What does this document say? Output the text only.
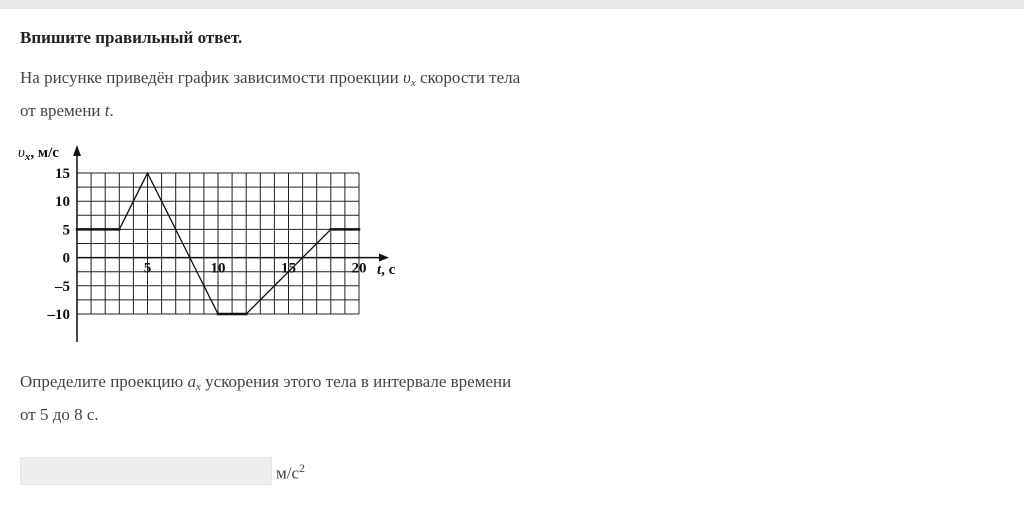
Впишите правильный ответ.
На рисунке приведён график зависимости проекции $\upsilon_x$ скорости тела
от времени t.
15
10
5
0
–5
–10
5	10	15	20
$\upsilon_x$, м/с
t, с
Определите проекцию $a_x$ ускорения этого тела в интервале времени
от 5 до 8 с.
$м/с^2$
